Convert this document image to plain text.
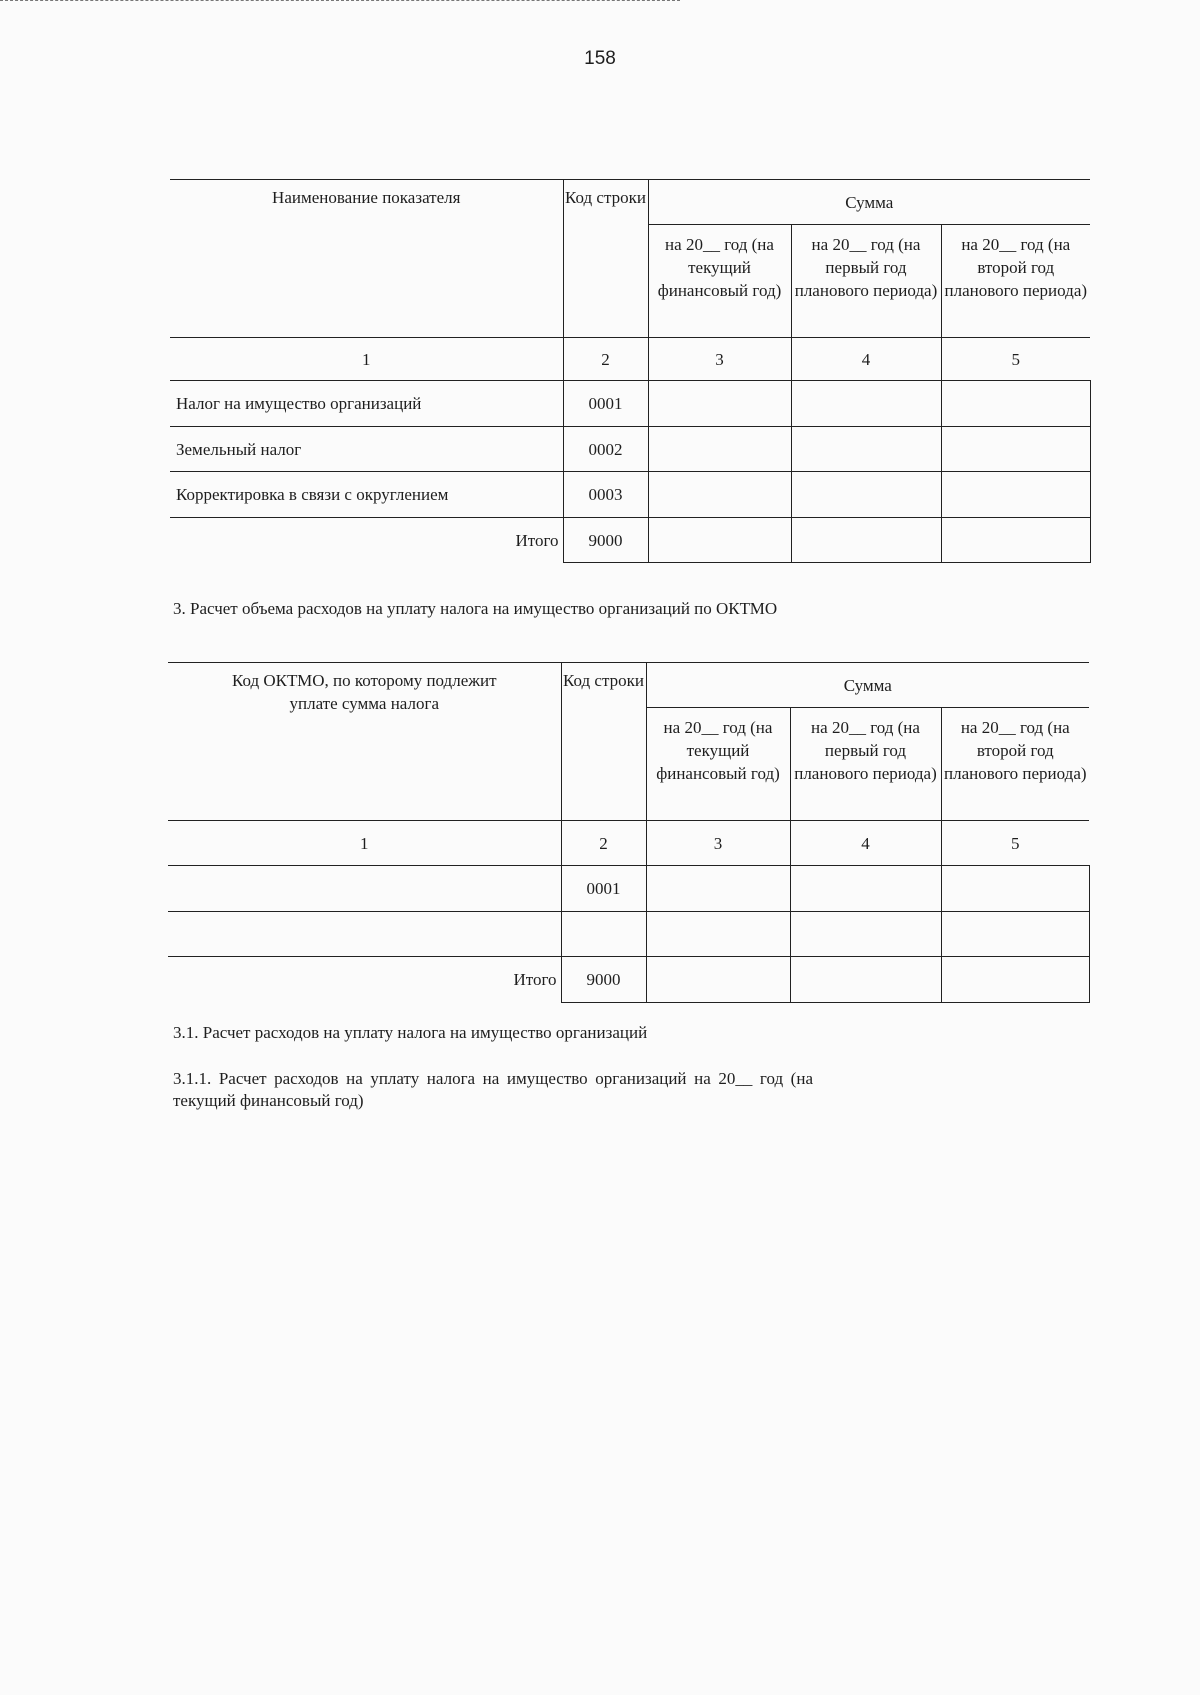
158
Наименование показателя	Код строки	Сумма		
		на 20__ год (на текущий финансовый год)	на 20__ год (на первый год планового периода)	на 20__ год (на второй год планового периода)
1	2	3	4	5
Налог на имущество организаций	0001			
Земельный налог	0002			
Корректировка в связи с округлением	0003			
Итого	9000			
3. Расчет объема расходов на уплату налога на имущество организаций по ОКТМО
Код ОКТМО, по которому подлежит уплате сумма налога	Код строки	Сумма		
		на 20__ год (на текущий финансовый год)	на 20__ год (на первый год планового периода)	на 20__ год (на второй год планового периода)
1	2	3	4	5
	0001			

Итого	9000			
3.1. Расчет расходов на уплату налога на имущество организаций
3.1.1. Расчет расходов на уплату налога на имущество организаций на 20__ год (на текущий финансовый год)
